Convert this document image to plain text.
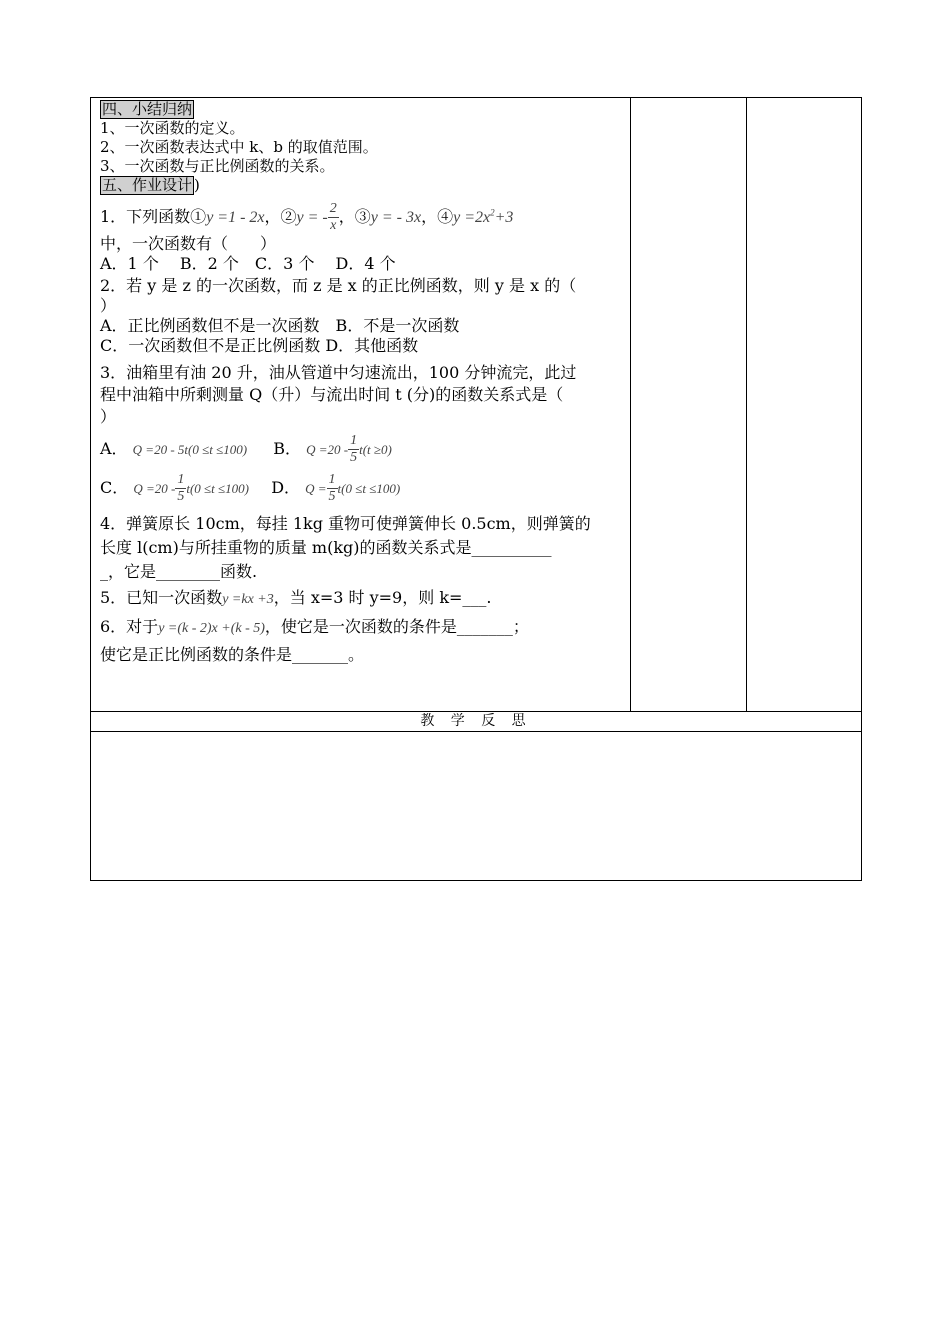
四、小结归纳
1、一次函数的定义。
2、一次函数表达式中 k、b 的取值范围。
3、一次函数与正比例函数的关系。
五、作业设计 )
1．下列函数①y =1 - 2x，②y = - $\frac{2}{x}$ ，③y = - 3x，④y $=2x^2+3$
中，一次函数有（　　）
A．1 个　 B．2 个　C．3 个　 D．4 个
2．若 y 是 z 的一次函数，而 z 是 x 的正比例函数，则 y 是 x 的（
）
A．正比例函数但不是一次函数　B．不是一次函数
C．一次函数但不是正比例函数 D．其他函数
3．油箱里有油 20 升，油从管道中匀速流出，100 分钟流完，此过
程中油箱中所剩测量 Q（升）与流出时间 t (分)的函数关系式是（
）
A． Q =20 - 5t(0 ≤t ≤100) B． $Q =20 - \frac{1}{5} t(t \ge 0)$
C． $Q =20 - \frac{1}{5} t(0 \le t \le 100)$ D． $Q = \frac{1}{5} t(0 \le t \le 100)$
4．弹簧原长 10cm，每挂 1kg 重物可使弹簧伸长 0.5cm，则弹簧的
长度 l(cm)与所挂重物的质量 m(kg)的函数关系式是__________
_，它是________函数.
5．已知一次函数y =kx +3，当 x=3 时 y=9，则 k=___.
6．对于y =(k - 2)x +(k - 5)，使它是一次函数的条件是_______；
使它是正比例函数的条件是_______。

教 学 反 思
